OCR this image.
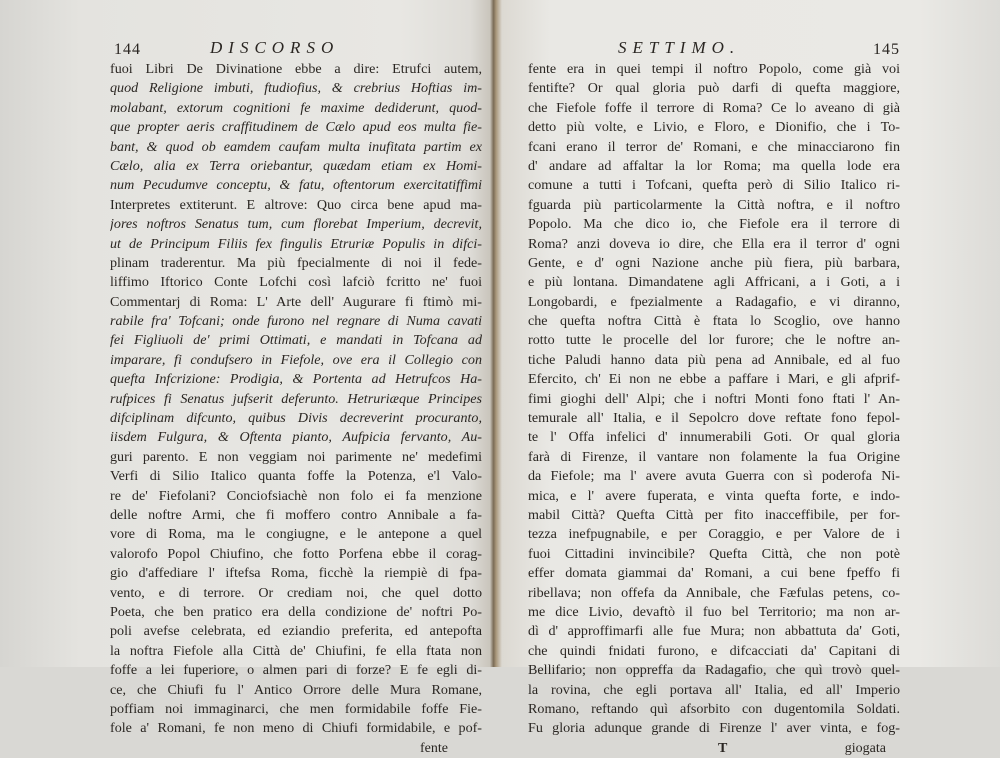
144	DISCORSO
fuoi Libri De Divinatione ebbe a dire: Etrufci autem,
quod Religione imbuti, ftudiofius, & crebrius Hoftias im-
molabant, extorum cognitioni fe maxime dediderunt, quod-
que propter aeris craffitudinem de Cælo apud eos multa fie-
bant, & quod ob eamdem caufam multa inufitata partim ex
Cælo, alia ex Terra oriebantur, quædam etiam ex Homi-
num Pecudumve conceptu, & fatu, oftentorum exercitatiffimi
Interpretes extiterunt. E altrove: Quo circa bene apud ma-
jores noftros Senatus tum, cum florebat Imperium, decrevit,
ut de Principum Filiis fex fingulis Etruriæ Populis in difci-
plinam traderentur. Ma più fpecialmente di noi il fede-
liffimo Iftorico Conte Lofchi così lafciò fcritto ne' fuoi
Commentarj di Roma: L' Arte dell' Augurare fi ftimò mi-
rabile fra' Tofcani; onde furono nel regnare di Numa cavati
fei Figliuoli de' primi Ottimati, e mandati in Tofcana ad
imparare, fi condufsero in Fiefole, ove era il Collegio con
quefta Infcrizione: Prodigia, & Portenta ad Hetrufcos Ha-
rufpices fi Senatus jufserit deferunto. Hetruriæque Principes
difciplinam difcunto, quibus Divis decreverint procuranto,
iisdem Fulgura, & Oftenta pianto, Aufpicia fervanto, Au-
guri parento. E non veggiam noi parimente ne' medefimi
Verfi di Silio Italico quanta foffe la Potenza, e'l Valo-
re de' Fiefolani? Conciofsiachè non folo ei fa menzione
delle noftre Armi, che fi moffero contro Annibale a fa-
vore di Roma, ma le congiugne, e le antepone a quel
valorofo Popol Chiufino, che fotto Porfena ebbe il corag-
gio d'affediare l' iftefsa Roma, ficchè la riempiè di fpa-
vento, e di terrore. Or crediam noi, che quel dotto
Poeta, che ben pratico era della condizione de' noftri Po-
poli avefse celebrata, ed eziandio preferita, ed antepofta
la noftra Fiefole alla Città de' Chiufini, fe ella ftata non
foffe a lei fuperiore, o almen pari di forze? E fe egli di-
ce, che Chiufi fu l' Antico Orrore delle Mura Romane,
poffiam noi immaginarci, che men formidabile foffe Fie-
fole a' Romani, fe non meno di Chiufi formidabile, e pof-
fente
SETTIMO.	145
fente era in quei tempi il noftro Popolo, come già voi
fentifte? Or qual gloria può darfi di quefta maggiore,
che Fiefole foffe il terrore di Roma? Ce lo aveano di già
detto più volte, e Livio, e Floro, e Dionifio, che i To-
fcani erano il terror de' Romani, e che minacciarono fin
d' andare ad affaltar la lor Roma; ma quella lode era
comune a tutti i Tofcani, quefta però di Silio Italico ri-
fguarda più particolarmente la Città noftra, e il noftro
Popolo. Ma che dico io, che Fiefole era il terrore di
Roma? anzi doveva io dire, che Ella era il terror d' ogni
Gente, e d' ogni Nazione anche più fiera, più barbara,
e più lontana. Dimandatene agli Affricani, a i Goti, a i
Longobardi, e fpezialmente a Radagafio, e vi diranno,
che quefta noftra Città è ftata lo Scoglio, ove hanno
rotto tutte le procelle del lor furore; che le noftre an-
tiche Paludi hanno data più pena ad Annibale, ed al fuo
Efercito, ch' Ei non ne ebbe a paffare i Mari, e gli afprif-
fimi gioghi dell' Alpi; che i noftri Monti fono ftati l' An-
temurale all' Italia, e il Sepolcro dove reftate fono fepol-
te l' Offa infelici d' innumerabili Goti. Or qual gloria
farà di Firenze, il vantare non folamente la fua Origine
da Fiefole; ma l' avere avuta Guerra con sì poderofa Ni-
mica, e l' avere fuperata, e vinta quefta forte, e indo-
mabil Città? Quefta Città per fito inacceffibile, per for-
tezza inefpugnabile, e per Coraggio, e per Valore de i
fuoi Cittadini invincibile? Quefta Città, che non potè
effer domata giammai da' Romani, a cui bene fpeffo fi
ribellava; non offefa da Annibale, che Fæfulas petens, co-
me dice Livio, devaftò il fuo bel Territorio; ma non ar-
dì d' approffimarfi alle fue Mura; non abbattuta da' Goti,
che quindi fnidati furono, e difcacciati da' Capitani di
Bellifario; non oppreffa da Radagafio, che quì trovò quel-
la rovina, che egli portava all' Italia, ed all' Imperio
Romano, reftando quì afsorbito con dugentomila Soldati.
Fu gloria adunque grande di Firenze l' aver vinta, e fog-
T	giogata
